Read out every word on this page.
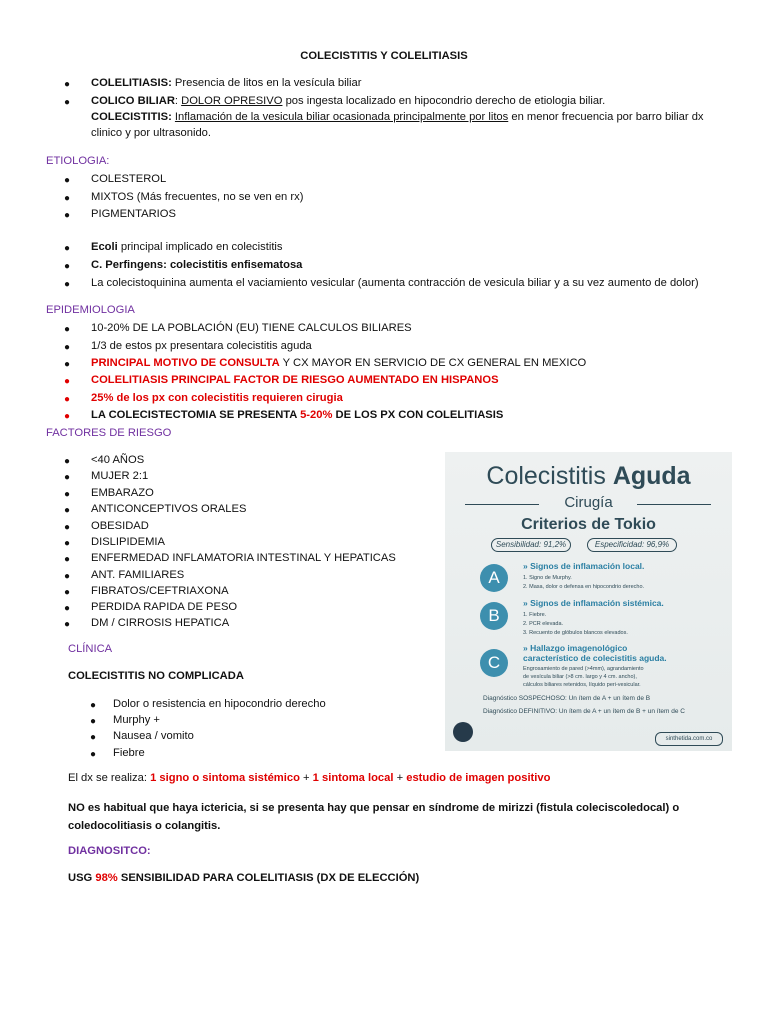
COLECISTITIS Y COLELITIASIS
● COLELITIASIS: Presencia de litos en la vesícula biliar
● COLICO BILIAR: DOLOR OPRESIVO pos ingesta localizado en hipocondrio derecho de etiologia biliar.
COLECISTITIS: Inflamación de la vesicula biliar ocasionada principalmente por litos en menor frecuencia por barro biliar dx
clinico y por ultrasonido.
ETIOLOGIA:
● COLESTEROL
● MIXTOS (Más frecuentes, no se ven en rx)
● PIGMENTARIOS
● Ecoli principal implicado en colecistitis
● C. Perfingens: colecistitis enfisematosa
● La colecistoquinina aumenta el vaciamiento vesicular (aumenta contracción de vesicula biliar y a su vez aumento de dolor)
EPIDEMIOLOGIA
● 10-20% DE LA POBLACIÓN (EU) TIENE CALCULOS BILIARES
● 1/3 de estos px presentara colecistitis aguda
● PRINCIPAL MOTIVO DE CONSULTA Y CX MAYOR EN SERVICIO DE CX GENERAL EN MEXICO
● COLELITIASIS PRINCIPAL FACTOR DE RIESGO AUMENTADO EN HISPANOS
● 25% de los px con colecistitis requieren cirugia
● LA COLECISTECTOMIA SE PRESENTA 5-20% DE LOS PX CON COLELITIASIS
FACTORES DE RIESGO
● <40 AÑOS
● MUJER 2:1
● EMBARAZO
● ANTICONCEPTIVOS ORALES
● OBESIDAD
● DISLIPIDEMIA
● ENFERMEDAD INFLAMATORIA INTESTINAL Y HEPATICAS
● ANT. FAMILIARES
● FIBRATOS/CEFTRIAXONA
● PERDIDA RAPIDA DE PESO
● DM / CIRROSIS HEPATICA
CLÍNICA
COLECISTITIS NO COMPLICADA
● Dolor o resistencia en hipocondrio derecho
● Murphy +
● Nausea / vomito
● Fiebre
El dx se realiza: 1 signo o sintoma sistémico + 1 sintoma local + estudio de imagen positivo
NO es habitual que haya ictericia, si se presenta hay que pensar en síndrome de mirizzi (fistula coleciscoledocal) o
coledocolitiasis o colangitis.
DIAGNOSITCO:
USG 98% SENSIBILIDAD PARA COLELITIASIS (DX DE ELECCIÓN)
Colecistitis Aguda
Cirugía
Criterios de Tokio
Sensibilidad: 91,2%	Especificidad: 96,9%
A
» Signos de inflamación local.
1. Signo de Murphy.
2. Masa, dolor o defensa en hipocondrio derecho.
B
» Signos de inflamación sistémica.
1. Fiebre.
2. PCR elevada.
3. Recuento de glóbulos blancos elevados.
C
» Hallazgo imagenológico
característico de colecistitis aguda.
Engrosamiento de pared (>4mm), agrandamiento
de vesícula biliar (>8 cm. largo y 4 cm. ancho),
cálculos biliares retenidos, líquido peri-vesicular.
Diagnóstico SOSPECHOSO: Un ítem de A + un ítem de B
Diagnóstico DEFINITIVO: Un ítem de A + un ítem de B + un ítem de C
sinthetida.com.co
